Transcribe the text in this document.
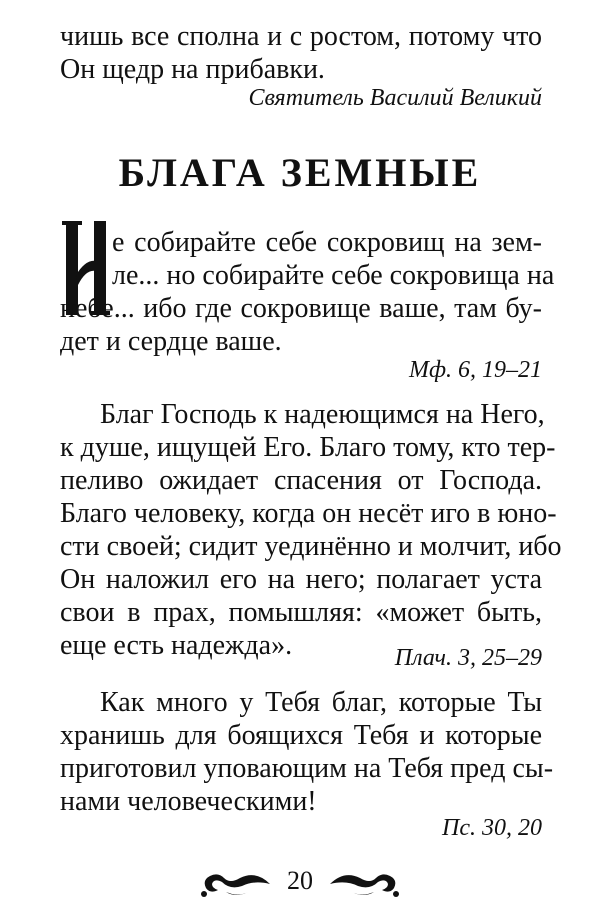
чишь все сполна и с ростом, потому что
Он щедр на прибавки.
Святитель Василий Великий
БЛАГА ЗЕМНЫЕ
е собирайте себе сокровищ на зем-
ле... но собирайте себе сокровища на
небе... ибо где сокровище ваше, там бу-
дет и сердце ваше.
Мф. 6, 19–21
Благ Господь к надеющимся на Него,
к душе, ищущей Его. Благо тому, кто тер-
пеливо ожидает спасения от Господа.
Благо человеку, когда он несёт иго в юно-
сти своей; сидит уединённо и молчит, ибо
Он наложил его на него; полагает уста
свои в прах, помышляя: «может быть,
еще есть надежда».	Плач. 3, 25–29
Как много у Тебя благ, которые Ты
хранишь для боящихся Тебя и которые
приготовил уповающим на Тебя пред сы-
нами человеческими!
Пс. 30, 20
20
